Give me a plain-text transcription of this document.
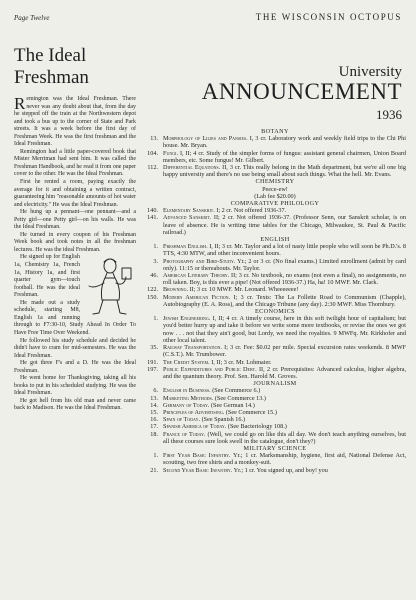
Page Twelve	THE WISCONSIN OCTOPUS
The Ideal
Freshman

Remington was the Ideal Freshman. There never was any doubt about that, from the day he stepped off the train at the Northwestern depot and took a bus up to the corner of State and Park streets. It was a week before the first day of Freshman Week. He was the first freshman and the Ideal Freshman.

Remington had a little paper-covered book that Mister Merriman had sent him. It was called the Freshman Handbook, and he read it from one paper cover to the other. He was the Ideal Freshman.

First he rented a room, paying exactly the average for it and obtaining a written contract, guaranteeing him "reasonable amounts of hot water and electricity." He was the Ideal Freshman.

He hung up a pennant—one pennant—and a Petty girl—one Petty girl—on his walls. He was the Ideal Freshman.

He turned in every coupon of his Freshman Week book and took notes in all the freshman lectures. He was the ideal Freshman.

He signed up for English 1a, Chemistry 1a, French 1a, History 1a, and first quarter gym—touch football. He was the ideal Freshman.

He made out a study schedule, starting M8, English 1a and running through to F7:30-10, Study Ahead In Order To Have Free Time Over Weekend.

He followed his study schedule and decided he didn't have to cram for mid-semesters. He was the Ideal Freshman.

He got three F's and a D. He was the Ideal Freshman.

He went home for Thanksgiving, taking all his books to put in his scheduled studying. He was the Ideal Freshman.

He got hell from his old man and never came back to Madison. He was the Ideal Freshman.

University
ANNOUNCEMENT
1936
BOTANY
13. Morphology of Lilies and Pansies. I, 3 cr. Laboratory work and weekly field trips to the Chi Phi house. Mr. Bryan.
104. Fungi. I, II; 4 cr. Study of the simpler forms of fungus: assistant general chairmen, Union Board members, etc. Some fungus! Mr. Gilbert.
112. Differential Equations. II, 3 cr. This really belong in the Math department, but we're all one big happy university and there's no use being small about such things. What the hell. Mr. Evans.
CHEMISTRY
Peece-ew!
(Lab fee $20.00)
COMPARATIVE PHILOLOGY
140. Elementary Sanskrit. I; 2 cr. Not offered 1936-37.
141. Advanced Sanskrit. II; 2 cr. Not offered 1936-37. (Professor Senn, our Sanskrit scholar, is on leave of absence. He is writing time tables for the Chicago, Milwaukee, St. Paul & Pacific railroad.)
ENGLISH
1. Freshman English. I, II; 3 cr. Mr. Taylor and a lot of nasty little people who will soon be Ph.D.'s. 8 TTS, 4:30 MTW, and other inconvenient hours.
3. Photography and Bird-Study. Yr.; 2 or 3 cr. (No final exams.) Limited enrollment (admit by card only). 11:15 or thereabouts. Mr. Taylor.
46. American Literary Theory. II; 3 cr. No textbook, no exams (not even a final), no assignments, no roll taken. Boy, is this ever a pipe! (Not offered 1936-37.) Ha, ha! 10 MWF. Mr. Clark.
122. Browning. II; 3 cr. 10 MWF. Mr. Leonard. Wheeeeeee!
150. Modern American Fiction. I; 3 cr. Texts: The La Follette Road to Communism (Chapple), Autobiography (E. A. Ross), and the Chicago Tribune (any day). 2:30 MWF. Miss Thornbury.
ECONOMICS
1. Jewish Engineering. I, II; 4 cr. A timely course, here in this soft twilight hour of capitalism; but you'd better hurry up and take it before we write some more textbooks, or revise the ones we got now . . . not that they ain't good, but Lordy, we need the royalties. 9 MWFq. Mr. Kirkhofer and other local talent.
35. Railway Transportation. I; 3 cr. Fee: $0.02 per mile. Special excursion rates weekends. 8 MWF (C.S.T.). Mr. Trumbower.
191. The Credit System. I, II; 3 cr. Mr. Lohmaier.
197. Public Expenditures and Public Debt. II, 2 cr. Prerequisites: Advanced calculus, higher algebra, and the quantum theory. Prof. Sen. Harold M. Groves.
JOURNALISM
6. English in Business. (See Commerce 6.)
13. Marketing Methods. (See Commerce 13.)
14. Germany of Today. (See German 14.)
15. Principles of Advertising. (See Commerce 15.)
16. Spain of Today. (See Spanish 16.)
17. Spanish America of Today. (See Bacteriology 108.)
18. France of Today. (Well, we could go on like this all day. We don't teach anything ourselves, but all these courses sure look swell in the catalogue, don't they?)
MILITARY SCIENCE
1. First Year Basic Infantry. Yr.; 1 cr. Marksmanship, hygiene, first aid, National Defense Act, scouting, two free shirts and a monkey-suit.
21. Second Year Basic Infantry. Yr.; 1 cr. You signed up, and boy! you
